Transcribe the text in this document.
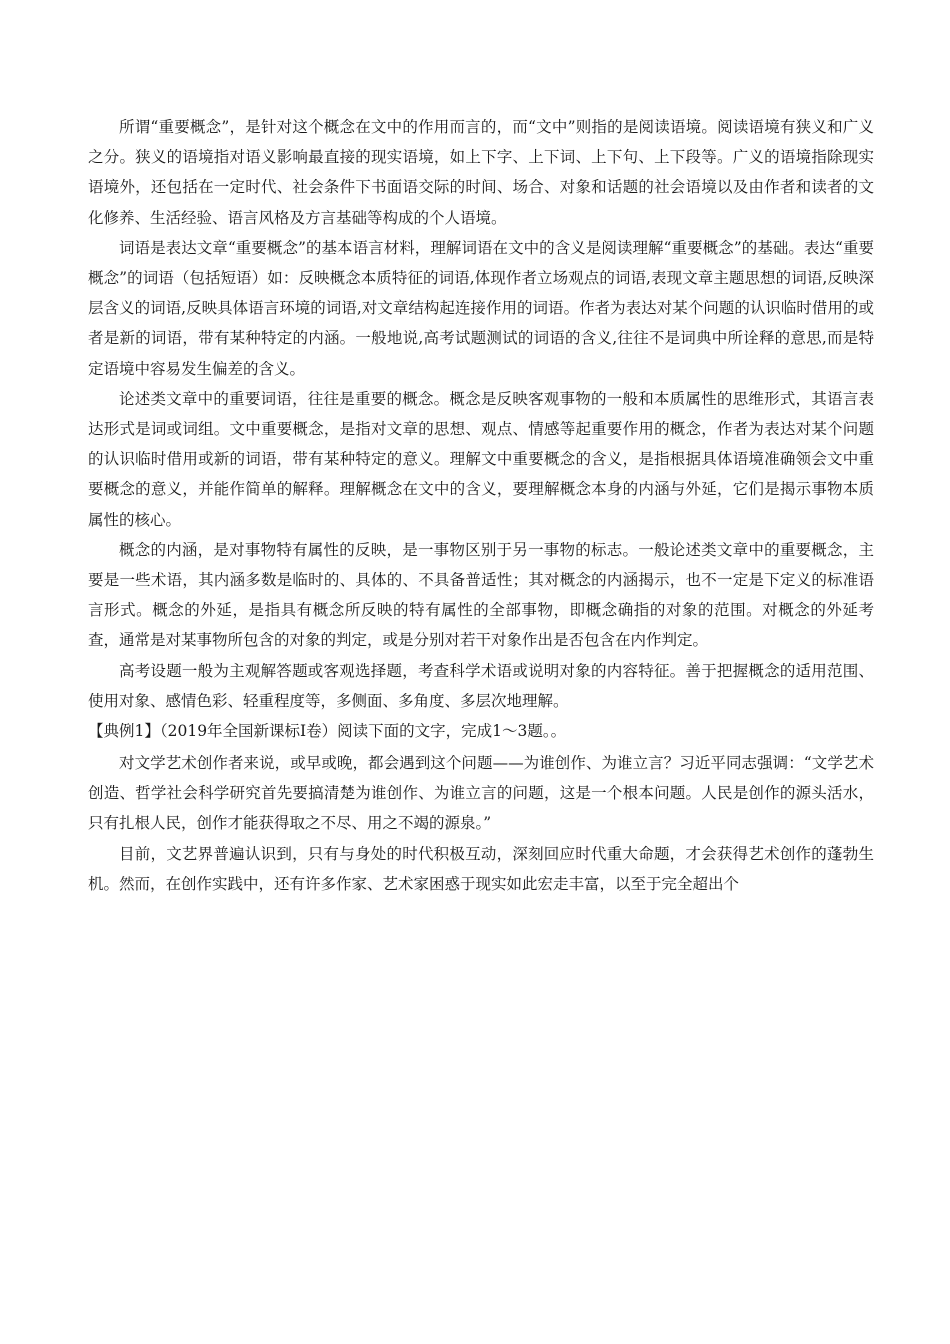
所谓“重要概念”，是针对这个概念在文中的作用而言的，而“文中”则指的是阅读语境。阅读语境有狭义和广义之分。狭义的语境指对语义影响最直接的现实语境，如上下字、上下词、上下句、上下段等。广义的语境指除现实语境外，还包括在一定时代、社会条件下书面语交际的时间、场合、对象和话题的社会语境以及由作者和读者的文化修养、生活经验、语言风格及方言基础等构成的个人语境。

词语是表达文章“重要概念”的基本语言材料，理解词语在文中的含义是阅读理解“重要概念”的基础。表达“重要概念”的词语（包括短语）如：反映概念本质特征的词语,体现作者立场观点的词语,表现文章主题思想的词语,反映深层含义的词语,反映具体语言环境的词语,对文章结构起连接作用的词语。作者为表达对某个问题的认识临时借用的或者是新的词语，带有某种特定的内涵。一般地说,高考试题测试的词语的含义,往往不是词典中所诠释的意思,而是特定语境中容易发生偏差的含义。

论述类文章中的重要词语，往往是重要的概念。概念是反映客观事物的一般和本质属性的思维形式，其语言表达形式是词或词组。文中重要概念，是指对文章的思想、观点、情感等起重要作用的概念，作者为表达对某个问题的认识临时借用或新的词语，带有某种特定的意义。理解文中重要概念的含义，是指根据具体语境准确领会文中重要概念的意义，并能作简单的解释。理解概念在文中的含义，要理解概念本身的内涵与外延，它们是揭示事物本质属性的核心。

概念的内涵，是对事物特有属性的反映，是一事物区别于另一事物的标志。一般论述类文章中的重要概念，主要是一些术语，其内涵多数是临时的、具体的、不具备普适性；其对概念的内涵揭示，也不一定是下定义的标准语言形式。概念的外延，是指具有概念所反映的特有属性的全部事物，即概念确指的对象的范围。对概念的外延考查，通常是对某事物所包含的对象的判定，或是分别对若干对象作出是否包含在内作判定。

高考设题一般为主观解答题或客观选择题，考查科学术语或说明对象的内容特征。善于把握概念的适用范围、使用对象、感情色彩、轻重程度等，多侧面、多角度、多层次地理解。

【典例1】（2019年全国新课标Ⅰ卷）阅读下面的文字，完成1～3题。。

对文学艺术创作者来说，或早或晚，都会遇到这个问题——为谁创作、为谁立言？习近平同志强调：“文学艺术创造、哲学社会科学研究首先要搞清楚为谁创作、为谁立言的问题，这是一个根本问题。人民是创作的源头活水，只有扎根人民，创作才能获得取之不尽、用之不竭的源泉。”

目前，文艺界普遍认识到，只有与身处的时代积极互动，深刻回应时代重大命题，才会获得艺术创作的蓬勃生机。然而，在创作实践中，还有许多作家、艺术家困惑于现实如此宏走丰富，以至于完全超出个
